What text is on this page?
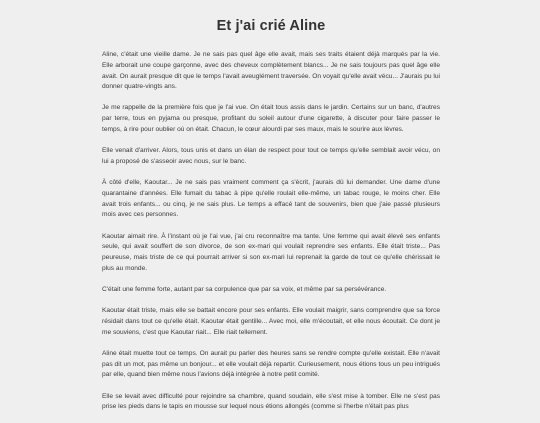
Et j'ai crié Aline

Aline, c'était une vieille dame. Je ne sais pas quel âge elle avait, mais ses traits étaient déjà marqués par la vie. Elle arborait une coupe garçonne, avec des cheveux complètement blancs... Je ne sais toujours pas quel âge elle avait. On aurait presque dit que le temps l'avait aveuglément traversée. On voyait qu'elle avait vécu... J'aurais pu lui donner quatre-vingts ans.

Je me rappelle de la première fois que je l'ai vue. On était tous assis dans le jardin. Certains sur un banc, d'autres par terre, tous en pyjama ou presque, profitant du soleil autour d'une cigarette, à discuter pour faire passer le temps, à rire pour oublier où on était. Chacun, le cœur alourdi par ses maux, mais le sourire aux lèvres.

Elle venait d'arriver. Alors, tous unis et dans un élan de respect pour tout ce temps qu'elle semblait avoir vécu, on lui a proposé de s'asseoir avec nous, sur le banc.

À côté d'elle, Kaoutar... Je ne sais pas vraiment comment ça s'écrit, j'aurais dû lui demander. Une dame d'une quarantaine d'années. Elle fumait du tabac à pipe qu'elle roulait elle-même, un tabac rouge, le moins cher. Elle avait trois enfants... ou cinq, je ne sais plus. Le temps a effacé tant de souvenirs, bien que j'aie passé plusieurs mois avec ces personnes.

Kaoutar aimait rire. À l'instant où je l'ai vue, j'ai cru reconnaître ma tante. Une femme qui avait élevé ses enfants seule, qui avait souffert de son divorce, de son ex-mari qui voulait reprendre ses enfants. Elle était triste... Pas peureuse, mais triste de ce qui pourrait arriver si son ex-mari lui reprenait la garde de tout ce qu'elle chérissait le plus au monde.

C'était une femme forte, autant par sa corpulence que par sa voix, et même par sa persévérance.

Kaoutar était triste, mais elle se battait encore pour ses enfants. Elle voulait maigrir, sans comprendre que sa force résidait dans tout ce qu'elle était. Kaoutar était gentille... Avec moi, elle m'écoutait, et elle nous écoutait. Ce dont je me souviens, c'est que Kaoutar riait... Elle riait tellement.

Aline était muette tout ce temps. On aurait pu parler des heures sans se rendre compte qu'elle existait. Elle n'avait pas dit un mot, pas même un bonjour... et elle voulait déjà repartir. Curieusement, nous étions tous un peu intrigués par elle, quand bien même nous l'avions déjà intégrée à notre petit comité.

Elle se levait avec difficulté pour rejoindre sa chambre, quand soudain, elle s'est mise à tomber. Elle ne s'est pas prise les pieds dans le tapis en mousse sur lequel nous étions allongés (comme si l'herbe n'était pas plus
